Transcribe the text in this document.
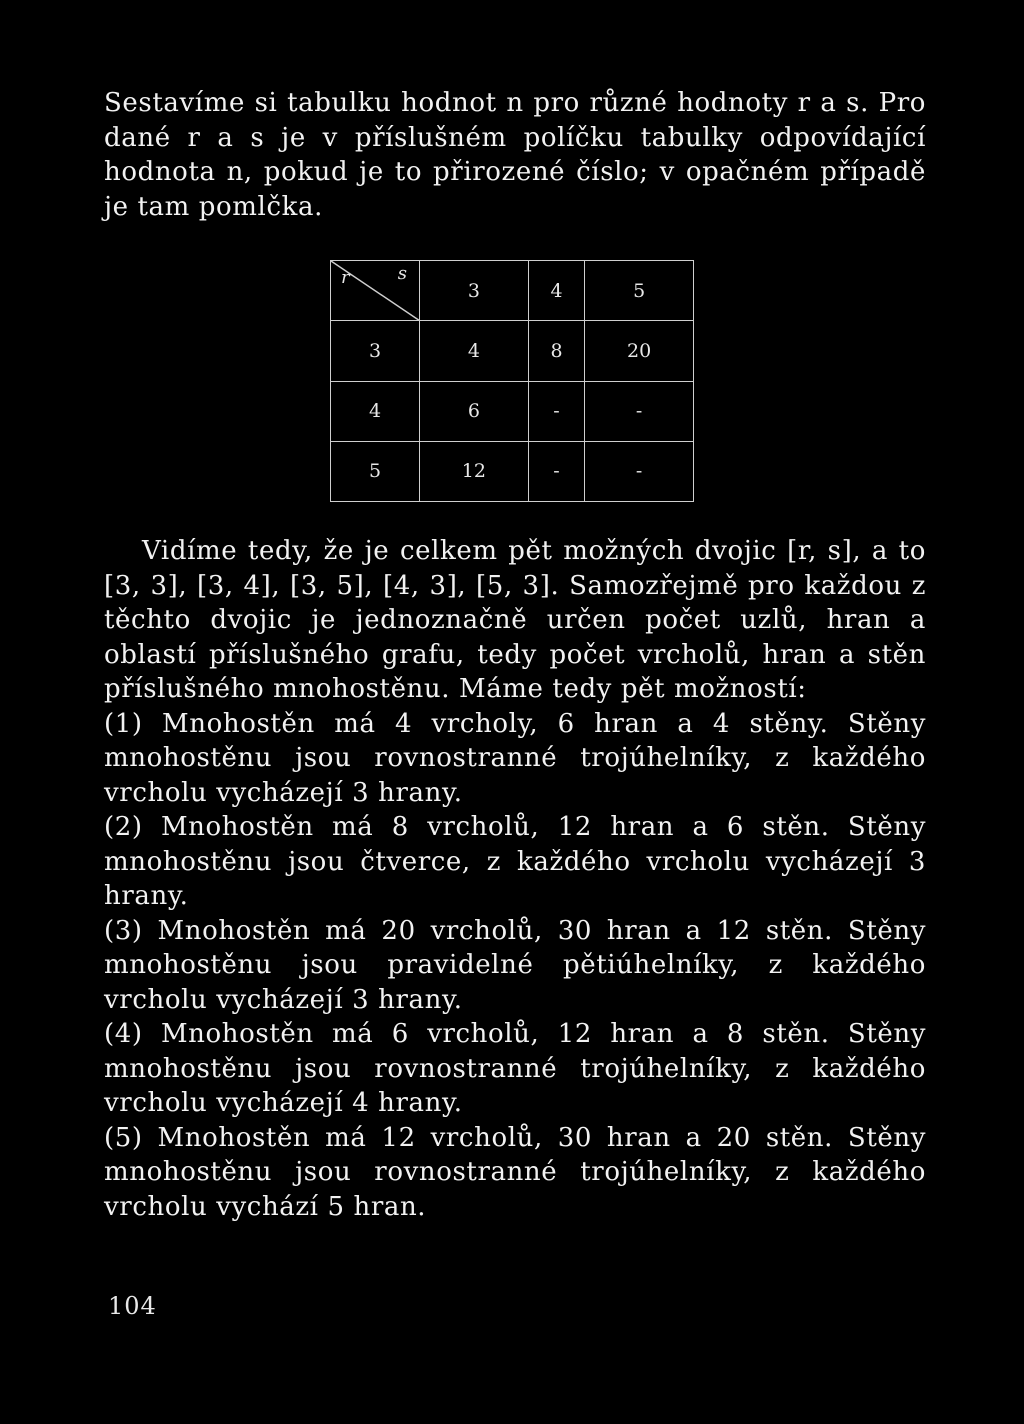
Sestavíme si tabulku hodnot n pro různé hodnoty r a s. Pro dané r a s je v příslušném políčku tabulky odpovídající hodnota n, pokud je to přirozené číslo; v opačném případě je tam pomlčka.

r s	3	4	5
3	4	8	20
4	6	-	-
5	12	-	-

Vidíme tedy, že je celkem pět možných dvojic [r, s], a to [3, 3], [3, 4], [3, 5], [4, 3], [5, 3]. Samozřejmě pro každou z těchto dvojic je jednoznačně určen počet uzlů, hran a oblastí příslušného grafu, tedy počet vrcholů, hran a stěn příslušného mnohostěnu. Máme tedy pět možností:

(1) Mnohostěn má 4 vrcholy, 6 hran a 4 stěny. Stěny mnohostěnu jsou rovnostranné trojúhelníky, z každého vrcholu vycházejí 3 hrany.

(2) Mnohostěn má 8 vrcholů, 12 hran a 6 stěn. Stěny mnohostěnu jsou čtverce, z každého vrcholu vycházejí 3 hrany.

(3) Mnohostěn má 20 vrcholů, 30 hran a 12 stěn. Stěny mnohostěnu jsou pravidelné pětiúhelníky, z každého vrcholu vycházejí 3 hrany.

(4) Mnohostěn má 6 vrcholů, 12 hran a 8 stěn. Stěny mnohostěnu jsou rovnostranné trojúhelníky, z každého vrcholu vycházejí 4 hrany.

(5) Mnohostěn má 12 vrcholů, 30 hran a 20 stěn. Stěny mnohostěnu jsou rovnostranné trojúhelníky, z každého vrcholu vychází 5 hran.

104
